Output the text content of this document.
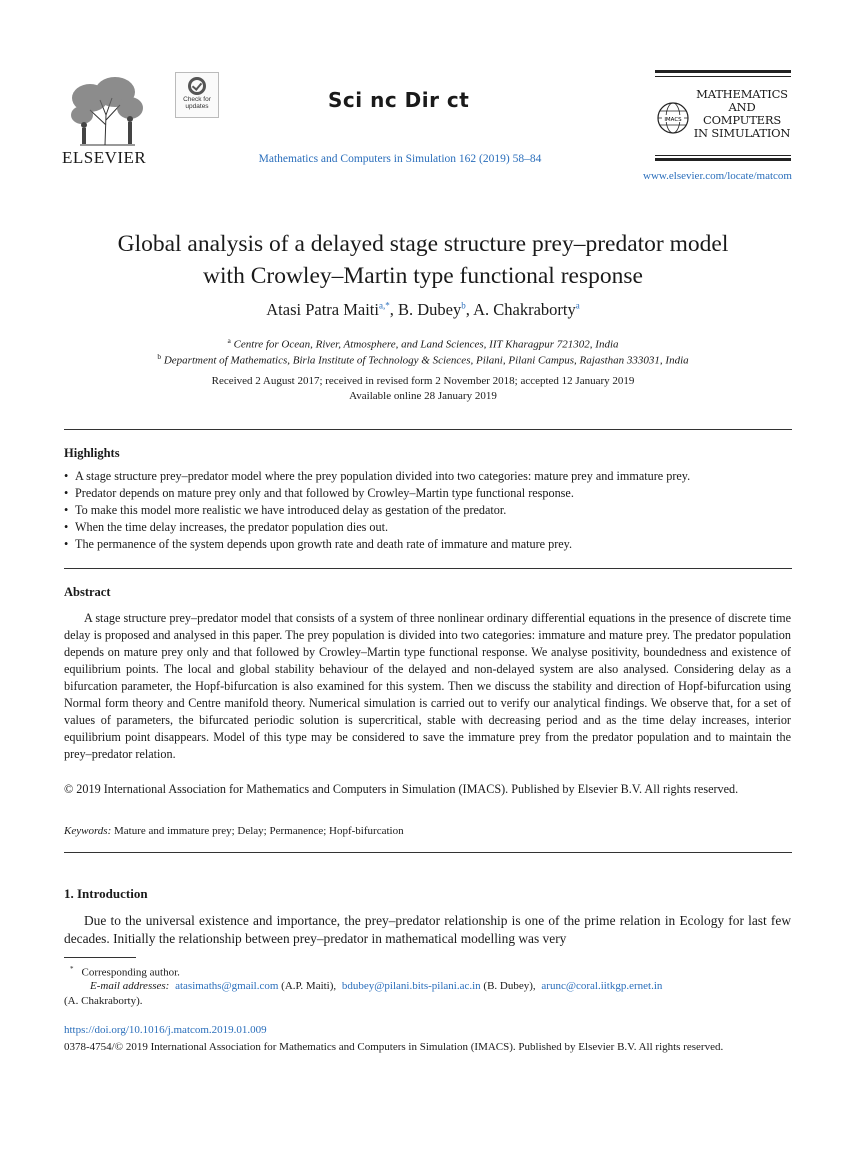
ELSEVIER
Check for updates	Sci nc Dir ct
Mathematics and Computers in Simulation 162 (2019) 58–84
IMACS
MATHEMATICS
AND
COMPUTERS
IN SIMULATION
www.elsevier.com/locate/matcom
Global analysis of a delayed stage structure prey–predator model
with Crowley–Martin type functional response
Atasi Patra Maiti$^{a,*}$, B. Dubey$^b$, A. Chakraborty$^a$
$^a$ Centre for Ocean, River, Atmosphere, and Land Sciences, IIT Kharagpur 721302, India
$^b$ Department of Mathematics, Birla Institute of Technology & Sciences, Pilani, Pilani Campus, Rajasthan 333031, India
Received 2 August 2017; received in revised form 2 November 2018; accepted 12 January 2019
Available online 28 January 2019
Highlights
• A stage structure prey–predator model where the prey population divided into two categories: mature prey and immature prey.
• Predator depends on mature prey only and that followed by Crowley–Martin type functional response.
• To make this model more realistic we have introduced delay as gestation of the predator.
• When the time delay increases, the predator population dies out.
• The permanence of the system depends upon growth rate and death rate of immature and mature prey.
Abstract

A stage structure prey–predator model that consists of a system of three nonlinear ordinary differential equations in the presence of discrete time delay is proposed and analysed in this paper. The prey population is divided into two categories: immature and mature prey. The predator population depends on mature prey only and that followed by Crowley–Martin type functional response. We analyse positivity, boundedness and existence of equilibrium points. The local and global stability behaviour of the delayed and non-delayed system are also analysed. Considering delay as a bifurcation parameter, the Hopf-bifurcation is also examined for this system. Then we discuss the stability and direction of Hopf-bifurcation using Normal form theory and Centre manifold theory. Numerical simulation is carried out to verify our analytical findings. We observe that, for a set of values of parameters, the bifurcated periodic solution is supercritical, stable with decreasing period and as the time delay increases, interior equilibrium point disappears. Model of this type may be considered to save the immature prey from the predator population and to maintain the prey–predator relation.

© 2019 International Association for Mathematics and Computers in Simulation (IMACS). Published by Elsevier B.V. All rights reserved.

Keywords: Mature and immature prey; Delay; Permanence; Hopf-bifurcation
1. Introduction

Due to the universal existence and importance, the prey–predator relationship is one of the prime relation in Ecology for last few decades. Initially the relationship between prey–predator in mathematical modelling was very

* Corresponding author.
E-mail addresses: atasimaths@gmail.com (A.P. Maiti), bdubey@pilani.bits-pilani.ac.in (B. Dubey), arunc@coral.iitkgp.ernet.in
(A. Chakraborty).
https://doi.org/10.1016/j.matcom.2019.01.009

0378-4754/© 2019 International Association for Mathematics and Computers in Simulation (IMACS). Published by Elsevier B.V. All rights reserved.
